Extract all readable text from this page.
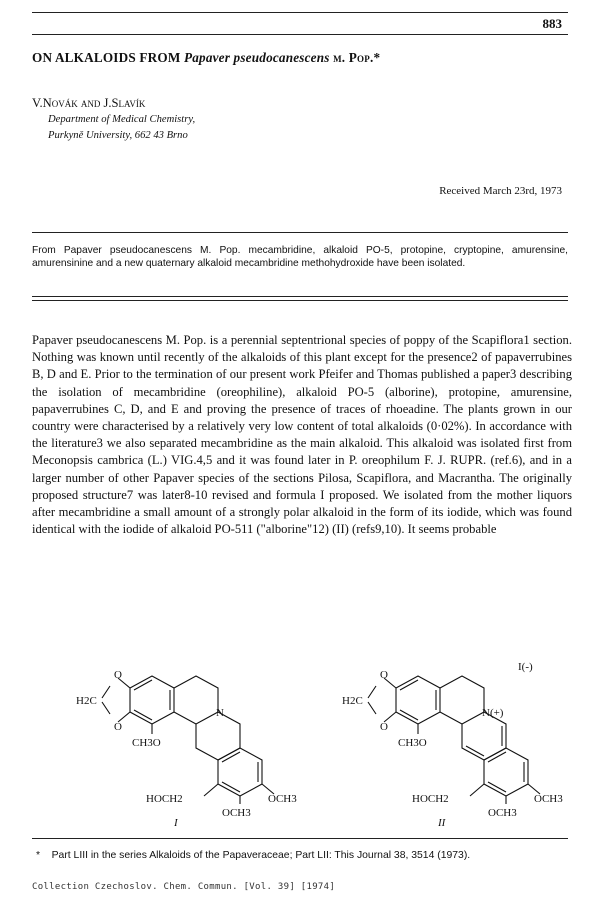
883
ON ALKALOIDS FROM Papaver pseudocanescens m. Pop.*
V.Novák and J.Slavík
Department of Medical Chemistry,
Purkyně University, 662 43 Brno
Received March 23rd, 1973
From Papaver pseudocanescens M. Pop. mecambridine, alkaloid PO-5, protopine, cryptopine, amurensine, amurensinine and a new quaternary alkaloid mecambridine methohydroxide have been isolated.
Papaver pseudocanescens M. Pop. is a perennial septentrional species of poppy of the Scapiflora1 section. Nothing was known until recently of the alkaloids of this plant except for the presence2 of papaverrubines B, D and E. Prior to the termination of our present work Pfeifer and Thomas published a paper3 describing the isolation of mecambridine (oreophiline), alkaloid PO-5 (alborine), protopine, amurensine, papaverrubines C, D, and E and proving the presence of traces of rhoeadine. The plants grown in our country were characterised by a relatively very low content of total alkaloids (0·02%). In accordance with the literature3 we also separated mecambridine as the main alkaloid. This alkaloid was isolated first from Meconopsis cambrica (L.) VIG.4,5 and it was found later in P. oreophilum F. J. RUPR. (ref.6), and in a larger number of other Papaver species of the sections Pilosa, Scapiflora, and Macrantha. The originally proposed structure7 was later8-10 revised and formula I proposed. We isolated from the mother liquors after mecambridine a small amount of a strongly polar alkaloid in the form of its iodide, which was found identical with the iodide of alkaloid PO-511 ("alborine"12) (II) (refs9,10). It seems probable
O
O
H2C
N
CH3O
HOCH2	OCH3
OCH3
I
O
O
H2C
N(+)
I(-)
CH3O
HOCH2	OCH3
OCH3
II
* Part LIII in the series Alkaloids of the Papaveraceae; Part LII: This Journal 38, 3514 (1973).
Collection Czechoslov. Chem. Commun. [Vol. 39] [1974]
